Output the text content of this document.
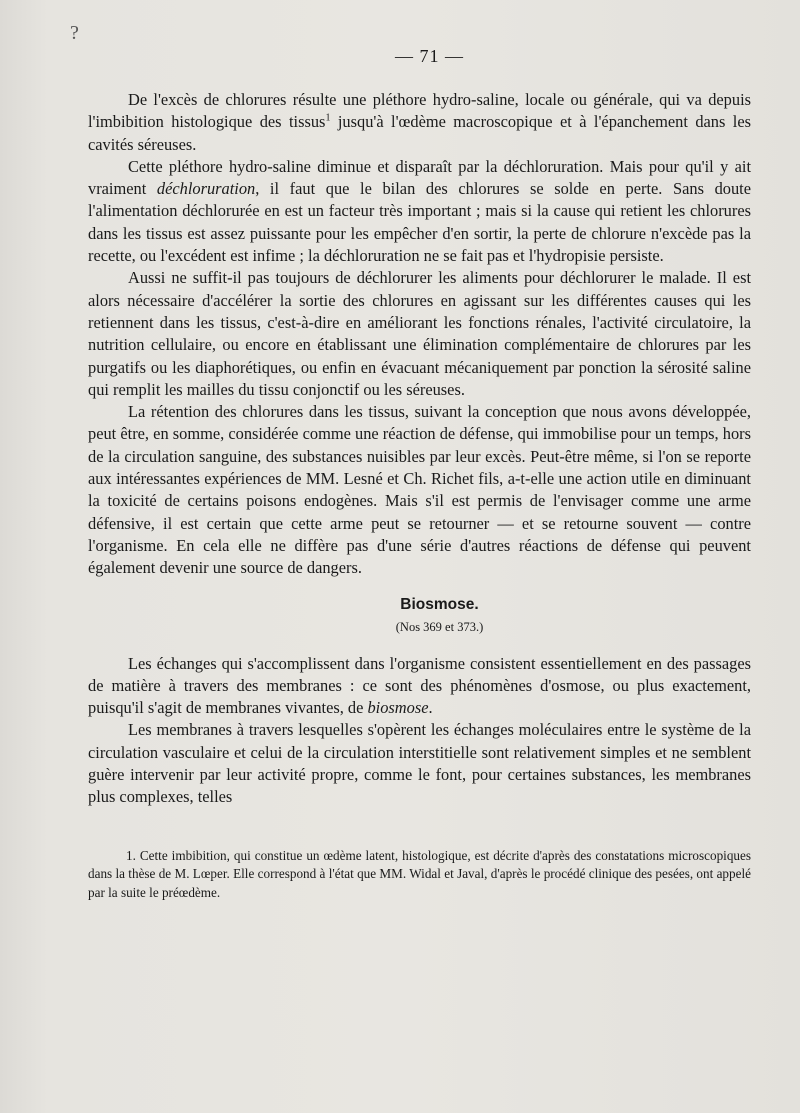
?
— 71 —

De l'excès de chlorures résulte une pléthore hydro-saline, locale ou générale, qui va depuis l'imbibition histologique des tissus$^1$ jusqu'à l'œdème macroscopique et à l'épanchement dans les cavités séreuses.

Cette pléthore hydro-saline diminue et disparaît par la déchloruration. Mais pour qu'il y ait vraiment déchloruration, il faut que le bilan des chlorures se solde en perte. Sans doute l'alimentation déchlorurée en est un facteur très important ; mais si la cause qui retient les chlorures dans les tissus est assez puissante pour les empêcher d'en sortir, la perte de chlorure n'excède pas la recette, ou l'excédent est infime ; la déchloruration ne se fait pas et l'hydropisie persiste.

Aussi ne suffit-il pas toujours de déchlorurer les aliments pour déchlorurer le malade. Il est alors nécessaire d'accélérer la sortie des chlorures en agissant sur les différentes causes qui les retiennent dans les tissus, c'est-à-dire en améliorant les fonctions rénales, l'activité circulatoire, la nutrition cellulaire, ou encore en établissant une élimination complémentaire de chlorures par les purgatifs ou les diaphorétiques, ou enfin en évacuant mécaniquement par ponction la sérosité saline qui remplit les mailles du tissu conjonctif ou les séreuses.

La rétention des chlorures dans les tissus, suivant la conception que nous avons développée, peut être, en somme, considérée comme une réaction de défense, qui immobilise pour un temps, hors de la circulation sanguine, des substances nuisibles par leur excès. Peut-être même, si l'on se reporte aux intéressantes expériences de MM. Lesné et Ch. Richet fils, a-t-elle une action utile en diminuant la toxicité de certains poisons endogènes. Mais s'il est permis de l'envisager comme une arme défensive, il est certain que cette arme peut se retourner — et se retourne souvent — contre l'organisme. En cela elle ne diffère pas d'une série d'autres réactions de défense qui peuvent également devenir une source de dangers.

Biosmose.
(Nos 369 et 373.)

Les échanges qui s'accomplissent dans l'organisme consistent essentiellement en des passages de matière à travers des membranes : ce sont des phénomènes d'osmose, ou plus exactement, puisqu'il s'agit de membranes vivantes, de biosmose.

Les membranes à travers lesquelles s'opèrent les échanges moléculaires entre le système de la circulation vasculaire et celui de la circulation interstitielle sont relativement simples et ne semblent guère intervenir par leur activité propre, comme le font, pour certaines substances, les membranes plus complexes, telles

1. Cette imbibition, qui constitue un œdème latent, histologique, est décrite d'après des constatations microscopiques dans la thèse de M. Lœper. Elle correspond à l'état que MM. Widal et Javal, d'après le procédé clinique des pesées, ont appelé par la suite le préœdème.
